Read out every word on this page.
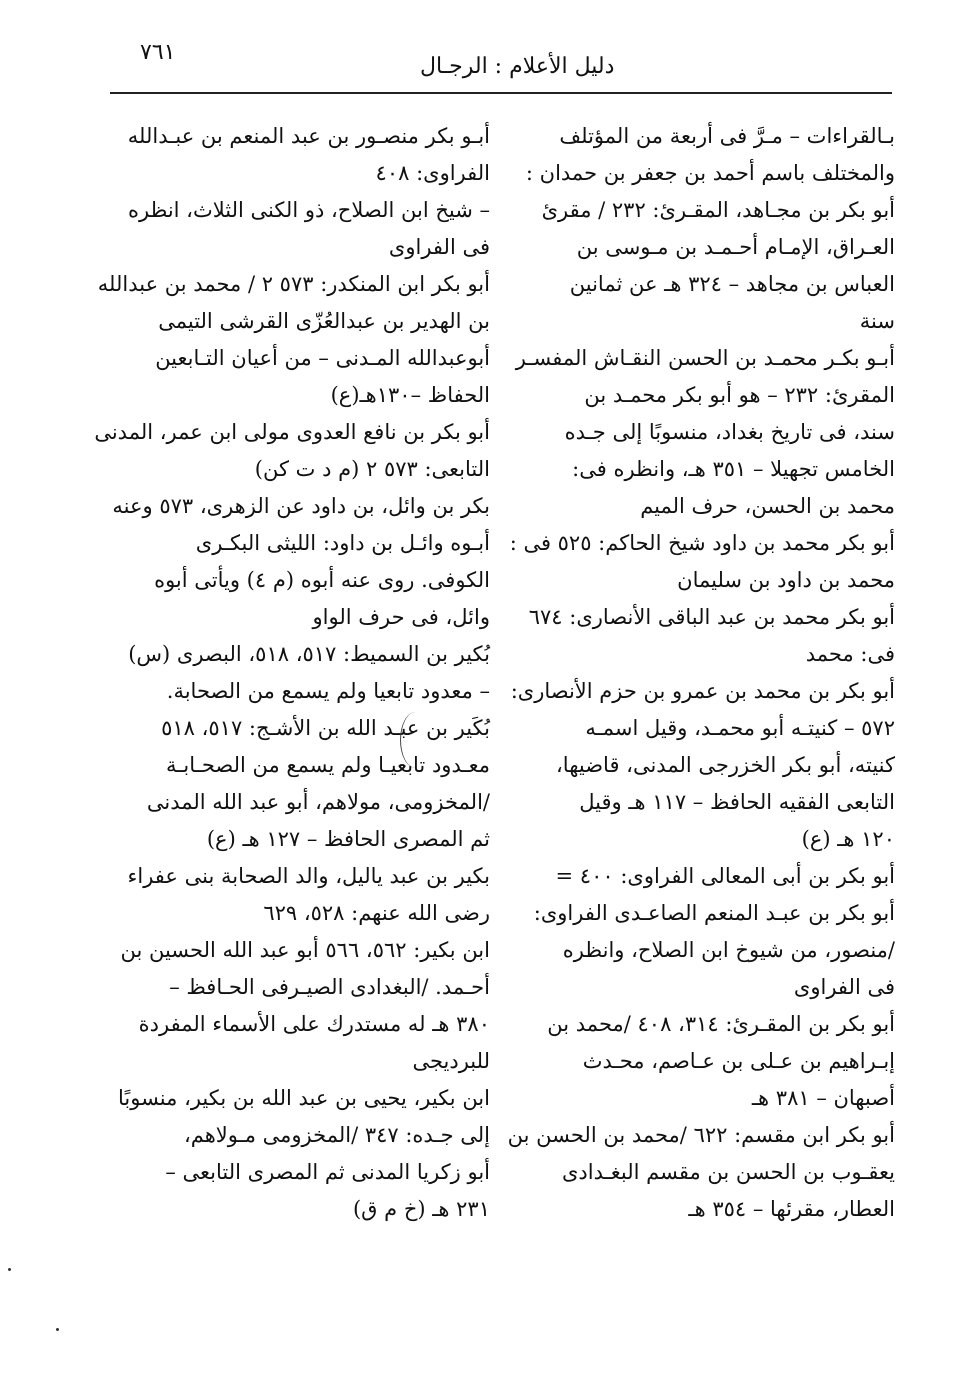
٧٦١
دليل الأعلام : الرجـال

بـالقراءات – مـرَّ فى أربعة من المؤتلف
والمختلف باسم أحمد بن جعفر بن حمدان :

أبو بكر بن مجـاهد، المقـرئ: ٢٣٢ / مقرئ
العـراق، الإمـام أحـمـد بن مـوسى بن
العباس بن مجاهد – ٣٢٤ هـ عن ثمانين
سنة

أبـو بكـر محمـد بن الحسن النقـاش المفسـر
المقرئ: ٢٣٢ – هو أبو بكر محمـد بن
سند، فى تاريخ بغداد، منسوبًا إلى جـده
الخامس تجهيلا – ٣٥١ هـ، وانظره فى:
محمد بن الحسن، حرف الميم

أبو بكر محمد بن داود شيخ الحاكم: ٥٢٥ فى :
محمد بن داود بن سليمان

أبو بكر محمد بن عبد الباقى الأنصارى: ٦٧٤
فى: محمد

أبو بكر بن محمد بن عمرو بن حزم الأنصارى:
٥٧٢ – كنيتـه أبو محمـد، وقيل اسمـه
كنيته، أبو بكر الخزرجى المدنى، قاضيها،
التابعى الفقيه الحافظ – ١١٧ هـ وقيل
١٢٠ هـ (ع)

أبو بكر بن أبى المعالى الفراوى: ٤٠٠ =

أبو بكر بن عبـد المنعم الصاعـدى الفراوى:
/منصور، من شيوخ ابن الصلاح، وانظره
فى الفراوى

أبو بكر بن المقـرئ: ٣١٤، ٤٠٨ /محمد بن
إبـراهيم بن عـلى بن عـاصم، محـدث
أصبهان – ٣٨١ هـ

أبو بكر ابن مقسم: ٦٢٢ /محمد بن الحسن بن
يعقـوب بن الحسن بن مقسم البغـدادى
العطار، مقرئها – ٣٥٤ هـ

أبـو بكر منصـور بن عبد المنعم بن عبـدالله
الفراوى: ٤٠٨

– شيخ ابن الصلاح، ذو الكنى الثلاث، انظره
فى الفراوى

أبو بكر ابن المنكدر: ٥٧٣ ٢ / محمد بن عبدالله
بن الهدير بن عبدالعُزّى القرشى التيمى
أبوعبدالله المـدنى – من أعيان التـابعين
الحفاظ –١٣٠هـ(ع)

أبو بكر بن نافع العدوى مولى ابن عمر، المدنى
التابعى: ٥٧٣ ٢ (م د ت كن)

بكر بن وائل، بن داود عن الزهرى، ٥٧٣ وعنه
أبـوه وائـل بن داود: الليثى البكـرى
الكوفى. روى عنه أبوه (م ٤) ويأتى أبوه
وائل، فى حرف الواو

بُكير بن السميط: ٥١٧، ٥١٨، البصرى (س)
– معدود تابعيا ولم يسمع من الصحابة.

بُكَير بن عبـد الله بن الأشـج: ٥١٧، ٥١٨
معـدود تابعيـا ولم يسمع من الصحـابـة
/المخزومى، مولاهم، أبو عبد الله المدنى
ثم المصرى الحافظ – ١٢٧ هـ (ع)

بكير بن عبد ياليل، والد الصحابة بنى عفراء
رضى الله عنهم: ٥٢٨، ٦٢٩

ابن بكير: ٥٦٢، ٥٦٦ أبو عبد الله الحسين بن
أحـمد. /البغدادى الصيـرفى الحـافظ –
٣٨٠ هـ له مستدرك على الأسماء المفردة
للبرديجى

ابن بكير، يحيى بن عبد الله بن بكير، منسوبًا
إلى جـده: ٣٤٧ /المخزومى مـولاهم،
أبو زكريا المدنى ثم المصرى التابعى –
٢٣١ هـ (خ م ق)
